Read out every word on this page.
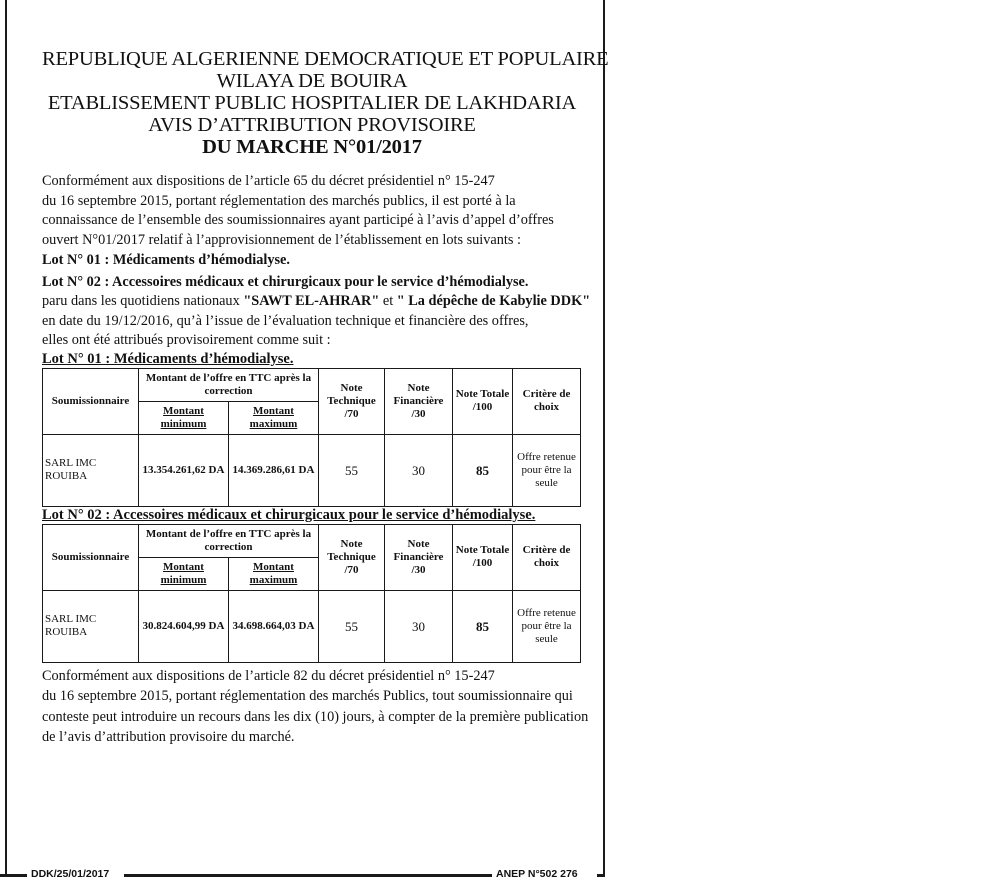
REPUBLIQUE ALGERIENNE DEMOCRATIQUE ET POPULAIRE
WILAYA DE BOUIRA
ETABLISSEMENT PUBLIC HOSPITALIER DE LAKHDARIA
AVIS D’ATTRIBUTION PROVISOIRE
DU MARCHE N°01/2017

Conformément aux dispositions de l’article 65 du décret présidentiel n° 15-247

du 16 septembre 2015, portant réglementation des marchés publics, il est porté à la

connaissance de l’ensemble des soumissionnaires ayant participé à l’avis d’appel d’offres

ouvert N°01/2017 relatif à l’approvisionnement de l’établissement en lots suivants :

Lot N° 01 : Médicaments d’hémodialyse.

Lot N° 02 : Accessoires médicaux et chirurgicaux pour le service d’hémodialyse.

paru dans les quotidiens nationaux "SAWT EL-AHRAR" et " La dépêche de Kabylie DDK"

en date du 19/12/2016, qu’à l’issue de l’évaluation technique et financière des offres,

elles ont été attribués provisoirement comme suit :

Lot N° 01 : Médicaments d’hémodialyse.
Soumissionnaire	Montant de l’offre en TTC après la correction		Note Technique /70	Note Financière /30	Note Totale /100	Critère de choix
	Montant minimum	Montant maximum				
SARL IMC ROUIBA	13.354.261,62 DA	14.369.286,61 DA	55	30	85	Offre retenue pour être la seule
Lot N° 02 : Accessoires médicaux et chirurgicaux pour le service d’hémodialyse.
Soumissionnaire	Montant de l’offre en TTC après la correction		Note Technique /70	Note Financière /30	Note Totale /100	Critère de choix
	Montant minimum	Montant maximum				
SARL IMC ROUIBA	30.824.604,99 DA	34.698.664,03 DA	55	30	85	Offre retenue pour être la seule

Conformément aux dispositions de l’article 82 du décret présidentiel n° 15-247

du 16 septembre 2015, portant réglementation des marchés Publics, tout soumissionnaire qui

conteste peut introduire un recours dans les dix (10) jours, à compter de la première publication

de l’avis d’attribution provisoire du marché.

DDK/25/01/2017	ANEP N°502 276
